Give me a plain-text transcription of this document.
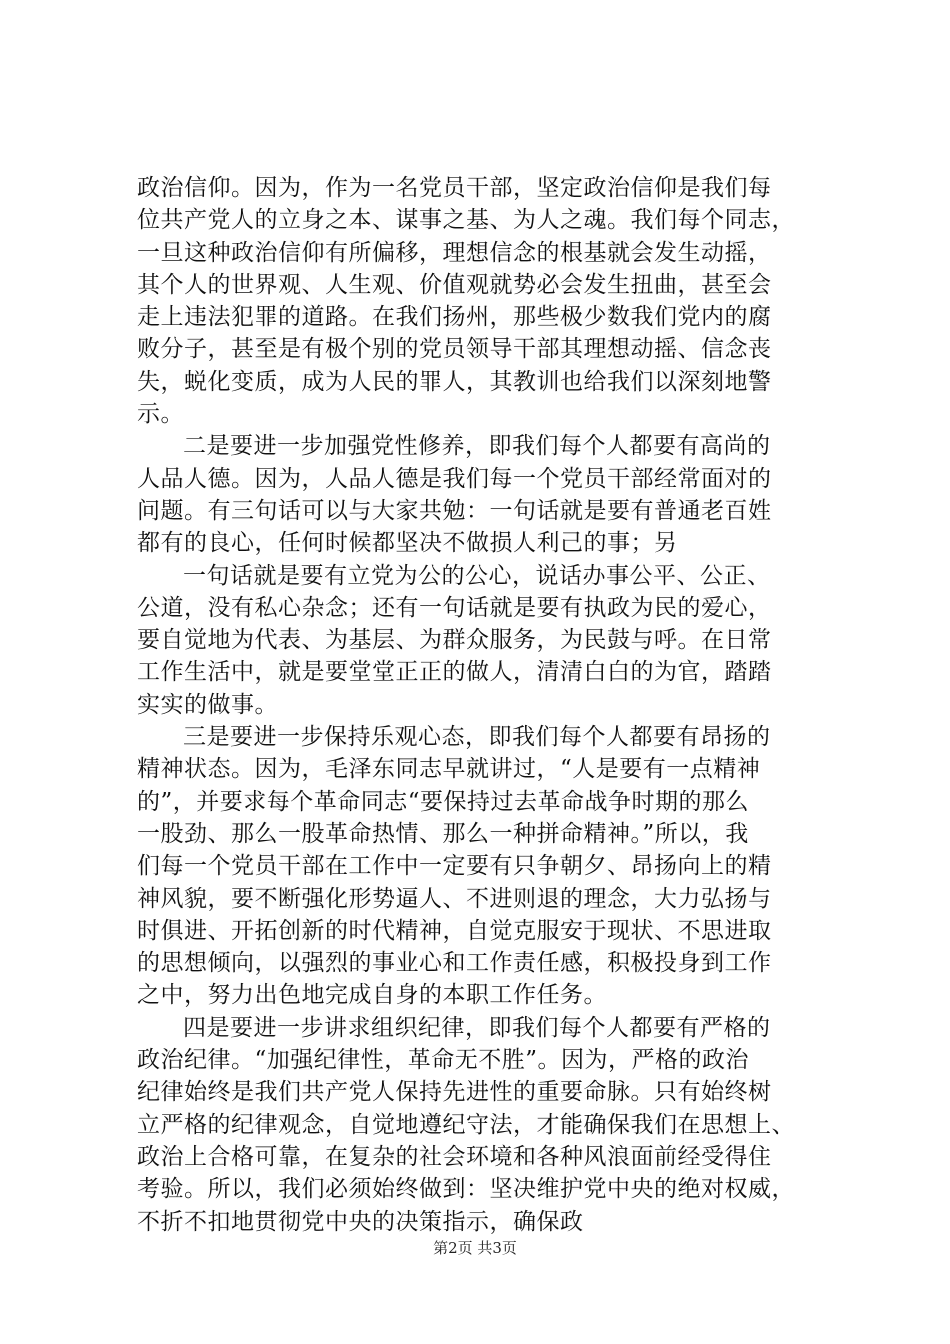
政治信仰。因为，作为一名党员干部，坚定政治信仰是我们每
位共产党人的立身之本、谋事之基、为人之魂。我们每个同志，
一旦这种政治信仰有所偏移，理想信念的根基就会发生动摇，
其个人的世界观、人生观、价值观就势必会发生扭曲，甚至会
走上违法犯罪的道路。在我们扬州，那些极少数我们党内的腐
败分子，甚至是有极个别的党员领导干部其理想动摇、信念丧
失，蜕化变质，成为人民的罪人，其教训也给我们以深刻地警
示。
二是要进一步加强党性修养，即我们每个人都要有高尚的
人品人德。因为，人品人德是我们每一个党员干部经常面对的
问题。有三句话可以与大家共勉：一句话就是要有普通老百姓
都有的良心，任何时候都坚决不做损人利己的事；另
一句话就是要有立党为公的公心，说话办事公平、公正、
公道，没有私心杂念；还有一句话就是要有执政为民的爱心，
要自觉地为代表、为基层、为群众服务，为民鼓与呼。在日常
工作生活中，就是要堂堂正正的做人，清清白白的为官，踏踏
实实的做事。
三是要进一步保持乐观心态，即我们每个人都要有昂扬的
精神状态。因为，毛泽东同志早就讲过，“人是要有一点精神
的”，并要求每个革命同志“要保持过去革命战争时期的那么
一股劲、那么一股革命热情、那么一种拼命精神。”所以，我
们每一个党员干部在工作中一定要有只争朝夕、昂扬向上的精
神风貌，要不断强化形势逼人、不进则退的理念，大力弘扬与
时俱进、开拓创新的时代精神，自觉克服安于现状、不思进取
的思想倾向，以强烈的事业心和工作责任感，积极投身到工作
之中，努力出色地完成自身的本职工作任务。
四是要进一步讲求组织纪律，即我们每个人都要有严格的
政治纪律。“加强纪律性，革命无不胜”。因为，严格的政治
纪律始终是我们共产党人保持先进性的重要命脉。只有始终树
立严格的纪律观念，自觉地遵纪守法，才能确保我们在思想上、
政治上合格可靠，在复杂的社会环境和各种风浪面前经受得住
考验。所以，我们必须始终做到：坚决维护党中央的绝对权威，
不折不扣地贯彻党中央的决策指示，确保政
第2页 共3页
